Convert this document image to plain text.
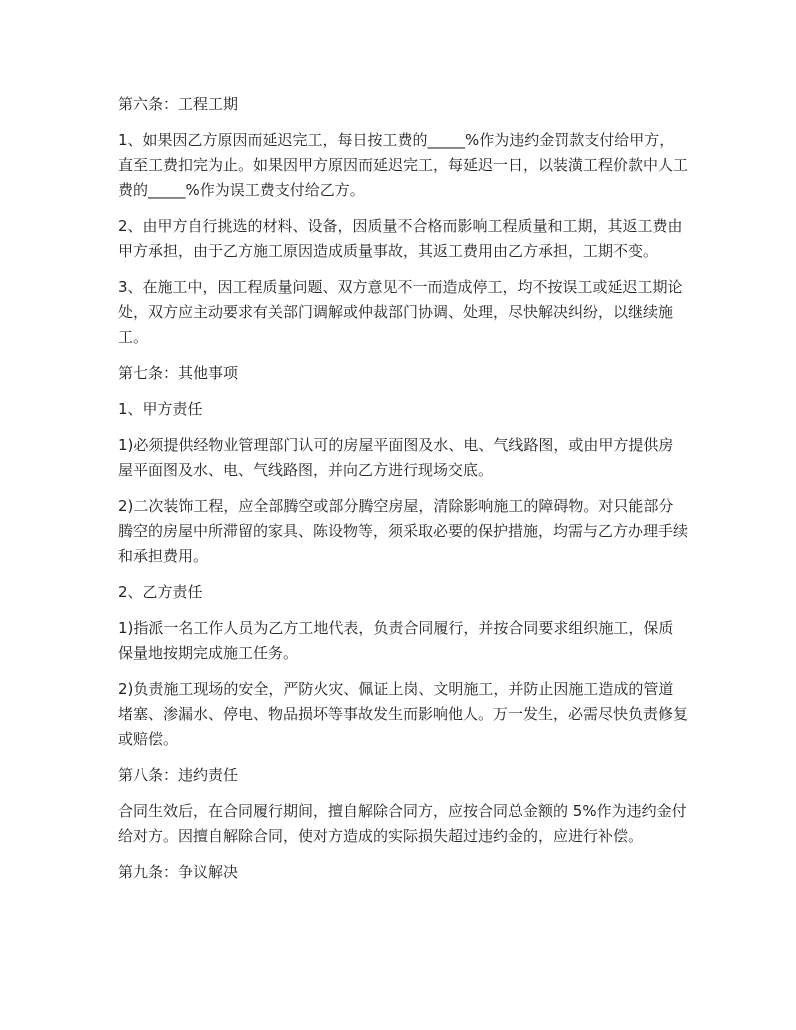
第六条：工程工期

1、如果因乙方原因而延迟完工，每日按工费的_____%作为违约金罚款支付给甲方，直至工费扣完为止。如果因甲方原因而延迟完工，每延迟一日，以装潢工程价款中人工费的_____%作为误工费支付给乙方。

2、由甲方自行挑选的材料、设备，因质量不合格而影响工程质量和工期，其返工费由甲方承担，由于乙方施工原因造成质量事故，其返工费用由乙方承担，工期不变。

3、在施工中，因工程质量问题、双方意见不一而造成停工，均不按误工或延迟工期论处，双方应主动要求有关部门调解或仲裁部门协调、处理，尽快解决纠纷，以继续施工。

第七条：其他事项

1、甲方责任

1)必须提供经物业管理部门认可的房屋平面图及水、电、气线路图，或由甲方提供房屋平面图及水、电、气线路图，并向乙方进行现场交底。

2)二次装饰工程，应全部腾空或部分腾空房屋，清除影响施工的障碍物。对只能部分腾空的房屋中所滞留的家具、陈设物等，须采取必要的保护措施，均需与乙方办理手续和承担费用。

2、乙方责任

1)指派一名工作人员为乙方工地代表，负责合同履行，并按合同要求组织施工，保质保量地按期完成施工任务。

2)负责施工现场的安全，严防火灾、佩证上岗、文明施工，并防止因施工造成的管道堵塞、渗漏水、停电、物品损坏等事故发生而影响他人。万一发生，必需尽快负责修复或赔偿。

第八条：违约责任

合同生效后，在合同履行期间，擅自解除合同方，应按合同总金额的 5%作为违约金付给对方。因擅自解除合同，使对方造成的实际损失超过违约金的，应进行补偿。

第九条：争议解决
